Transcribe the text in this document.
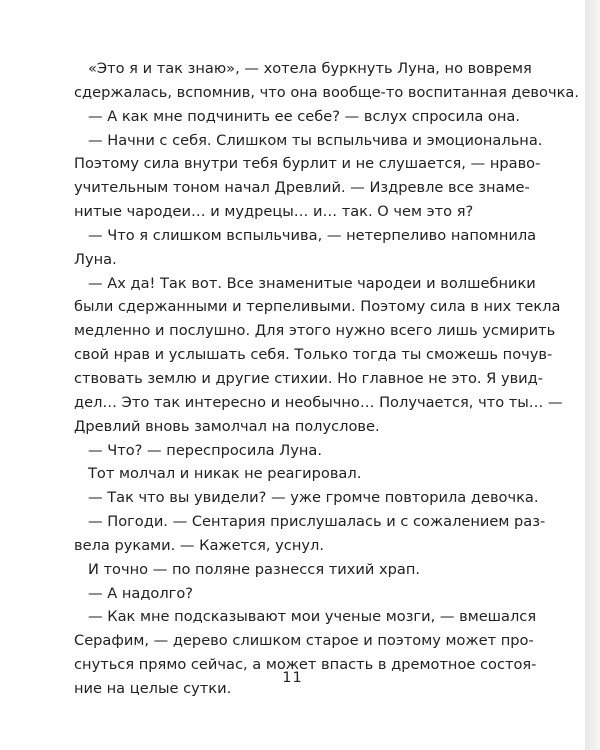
«Это я и так знаю», — хотела буркнуть Луна, но вовремя
сдержалась, вспомнив, что она вообще-то воспитанная девочка.
— А как мне подчинить ее себе? — вслух спросила она.
— Начни с себя. Слишком ты вспыльчива и эмоциональна.
Поэтому сила внутри тебя бурлит и не слушается, — нраво-
учительным тоном начал Древлий. — Издревле все знаме-
нитые чародеи… и мудрецы… и… так. О чем это я?
— Что я слишком вспыльчива, — нетерпеливо напомнила
Луна.
— Ах да! Так вот. Все знаменитые чародеи и волшебники
были сдержанными и терпеливыми. Поэтому сила в них текла
медленно и послушно. Для этого нужно всего лишь усмирить
свой нрав и услышать себя. Только тогда ты сможешь почув-
ствовать землю и другие стихии. Но главное не это. Я увид-
дел… Это так интересно и необычно… Получается, что ты… —
Древлий вновь замолчал на полуслове.
— Что? — переспросила Луна.
Тот молчал и никак не реагировал.
— Так что вы увидели? — уже громче повторила девочка.
— Погоди. — Сентария прислушалась и с сожалением раз-
вела руками. — Кажется, уснул.
И точно — по поляне разнесся тихий храп.
— А надолго?
— Как мне подсказывают мои ученые мозги, — вмешался
Серафим, — дерево слишком старое и поэтому может про-
снуться прямо сейчас, а может впасть в дремотное состоя-
ние на целые сутки.
11
